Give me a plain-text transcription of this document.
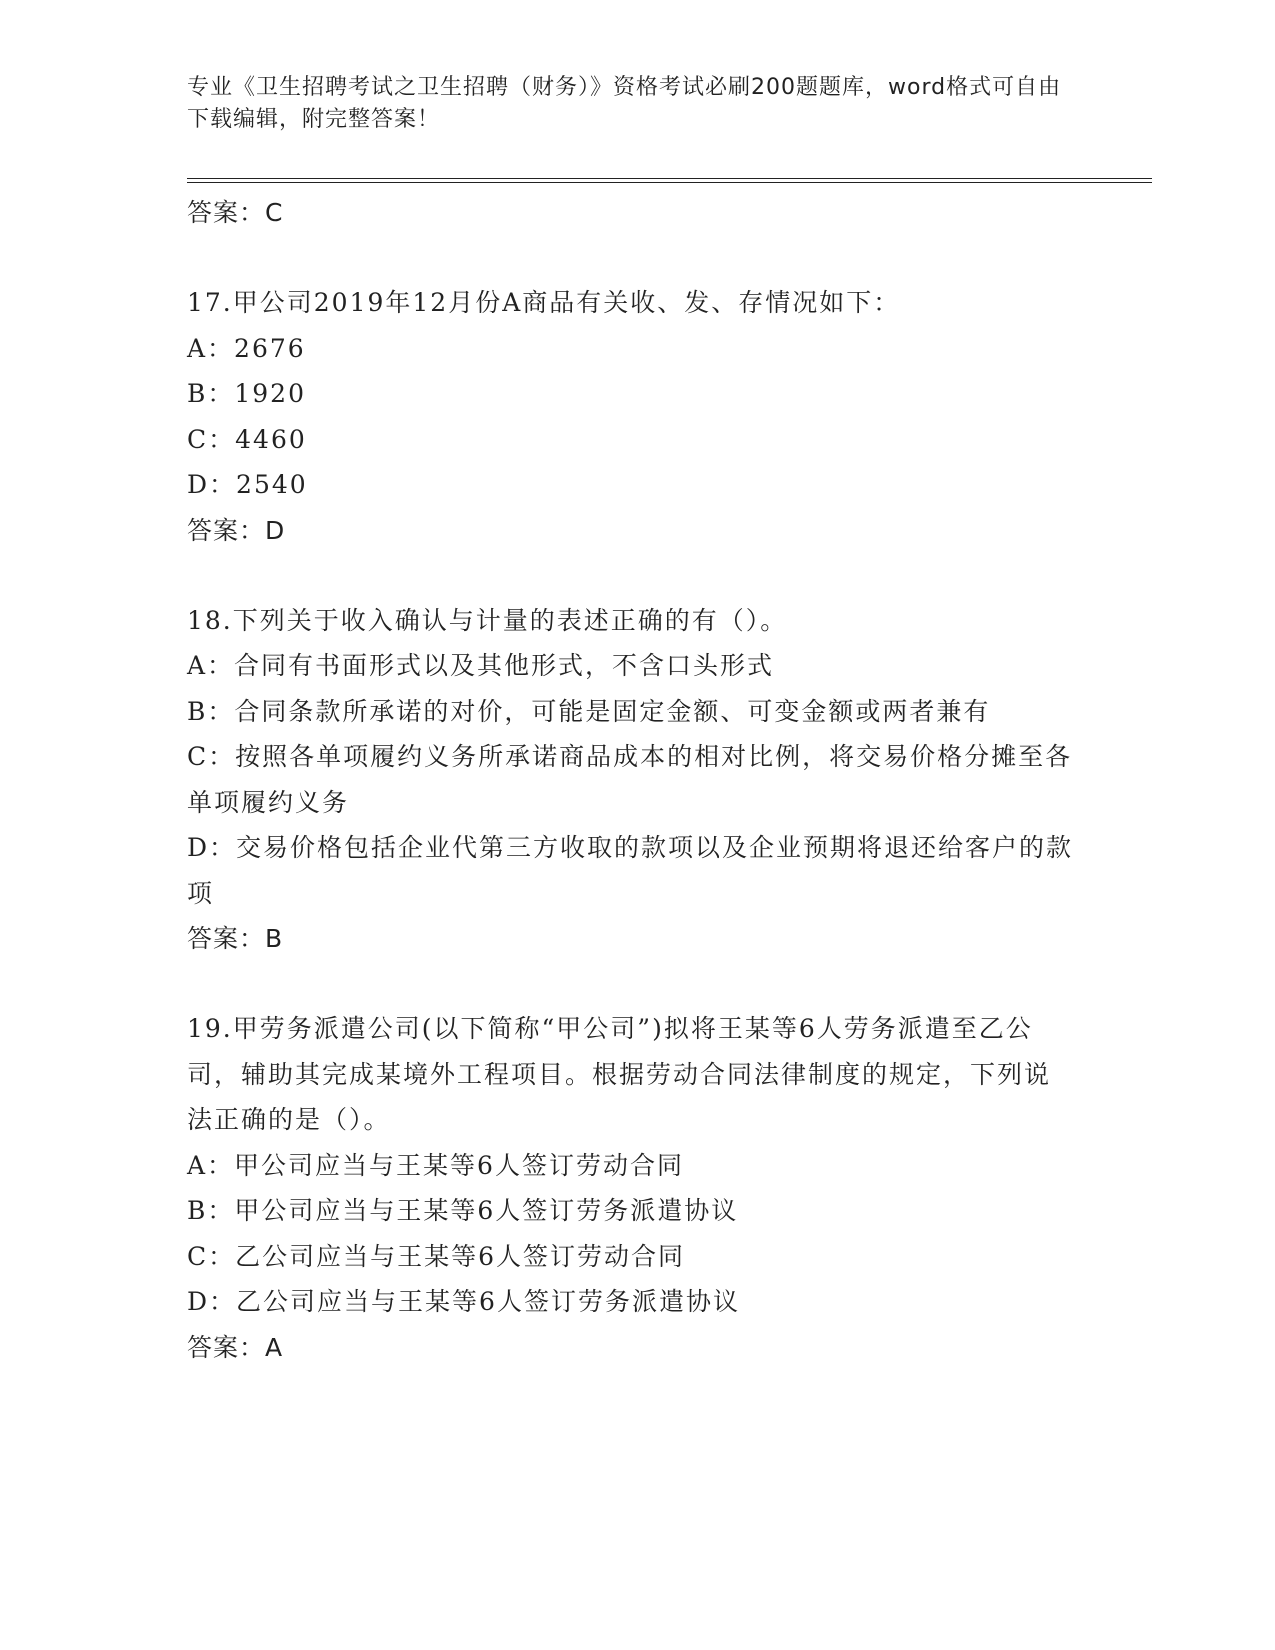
专业《卫生招聘考试之卫生招聘（财务）》资格考试必刷200题题库，word格式可自由下载编辑，附完整答案！
答案：C
17.甲公司2019年12月份A商品有关收、发、存情况如下：
A：2676
B：1920
C：4460
D：2540
答案：D
18.下列关于收入确认与计量的表述正确的有（）。
A：合同有书面形式以及其他形式，不含口头形式
B：合同条款所承诺的对价，可能是固定金额、可变金额或两者兼有
C：按照各单项履约义务所承诺商品成本的相对比例，将交易价格分摊至各单项履约义务
D：交易价格包括企业代第三方收取的款项以及企业预期将退还给客户的款项
答案：B
19.甲劳务派遣公司(以下简称“甲公司”)拟将王某等6人劳务派遣至乙公司，辅助其完成某境外工程项目。根据劳动合同法律制度的规定，下列说法正确的是（）。
A：甲公司应当与王某等6人签订劳动合同
B：甲公司应当与王某等6人签订劳务派遣协议
C：乙公司应当与王某等6人签订劳动合同
D：乙公司应当与王某等6人签订劳务派遣协议
答案：A
